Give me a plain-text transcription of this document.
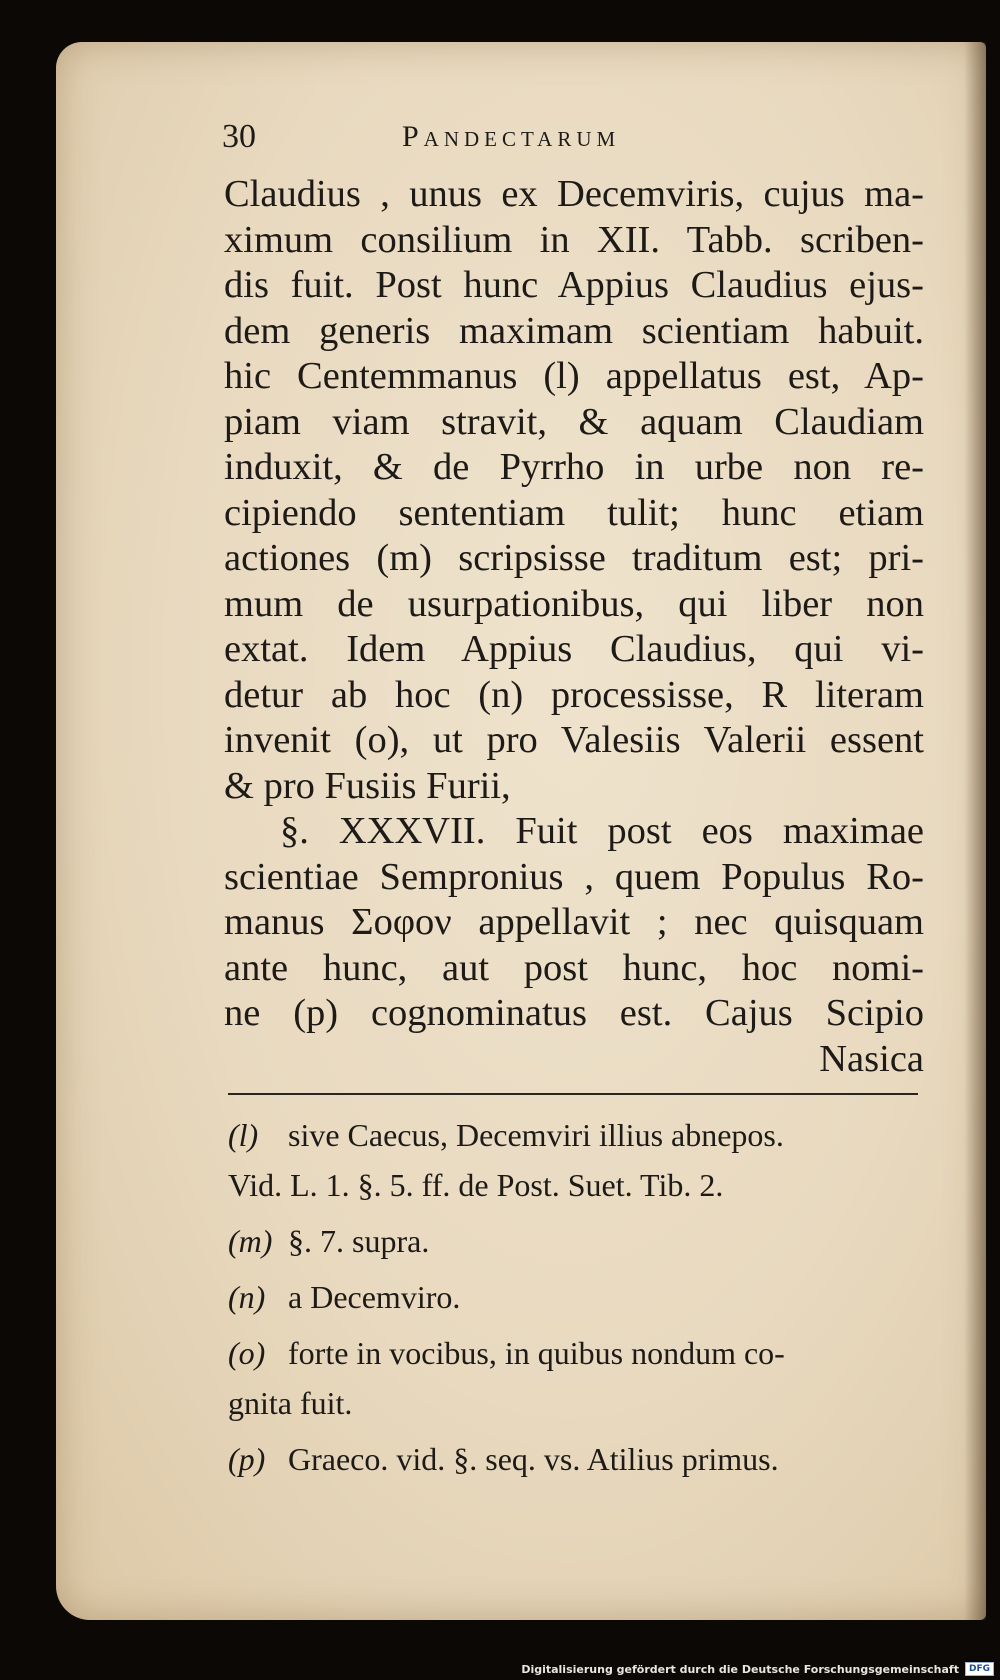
30	Pandectarum
Claudius , unus ex Decemviris, cujus ma-
ximum consilium in XII. Tabb. scriben-
dis fuit. Post hunc Appius Claudius ejus-
dem generis maximam scientiam habuit.
hic Centemmanus (l) appellatus est, Ap-
piam viam stravit, & aquam Claudiam
induxit, & de Pyrrho in urbe non re-
cipiendo sententiam tulit; hunc etiam
actiones (m) scripsisse traditum est; pri-
mum de usurpationibus, qui liber non
extat. Idem Appius Claudius, qui vi-
detur ab hoc (n) processisse, R literam
invenit (o), ut pro Valesiis Valerii essent
& pro Fusiis Furii,
§. XXXVII. Fuit post eos maximae
scientiae Sempronius , quem Populus Ro-
manus Σοφον appellavit ; nec quisquam
ante hunc, aut post hunc, hoc nomi-
ne (p) cognominatus est. Cajus Scipio
Nasica
(l) sive Caecus, Decemviri illius abnepos.
Vid. L. 1. §. 5. ff. de Post. Suet. Tib. 2.
(m) §. 7. supra.
(n) a Decemviro.
(o) forte in vocibus, in quibus nondum co-
gnita fuit.
(p) Graeco. vid. §. seq. vs. Atilius primus.
Digitalisierung gefördert durch die Deutsche Forschungsgemeinschaft	DFG
